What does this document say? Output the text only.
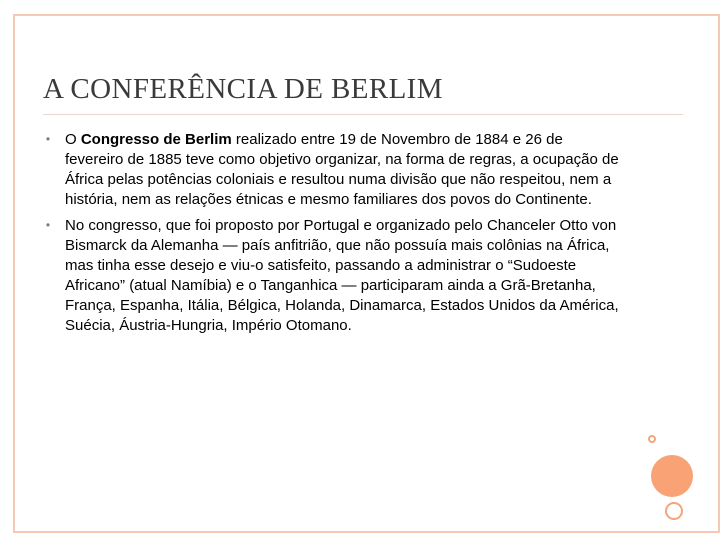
A CONFERÊNCIA DE BERLIM
• O Congresso de Berlim realizado entre 19 de Novembro de 1884 e 26 de fevereiro de 1885 teve como objetivo organizar, na forma de regras, a ocupação de África pelas potências coloniais e resultou numa divisão que não respeitou, nem a história, nem as relações étnicas e mesmo familiares dos povos do Continente.
• No congresso, que foi proposto por Portugal e organizado pelo Chanceler Otto von Bismarck da Alemanha — país anfitrião, que não possuía mais colônias na África, mas tinha esse desejo e viu-o satisfeito, passando a administrar o “Sudoeste Africano” (atual Namíbia) e o Tanganhica — participaram ainda a Grã-Bretanha, França, Espanha, Itália, Bélgica, Holanda, Dinamarca, Estados Unidos da América, Suécia, Áustria-Hungria, Império Otomano.
